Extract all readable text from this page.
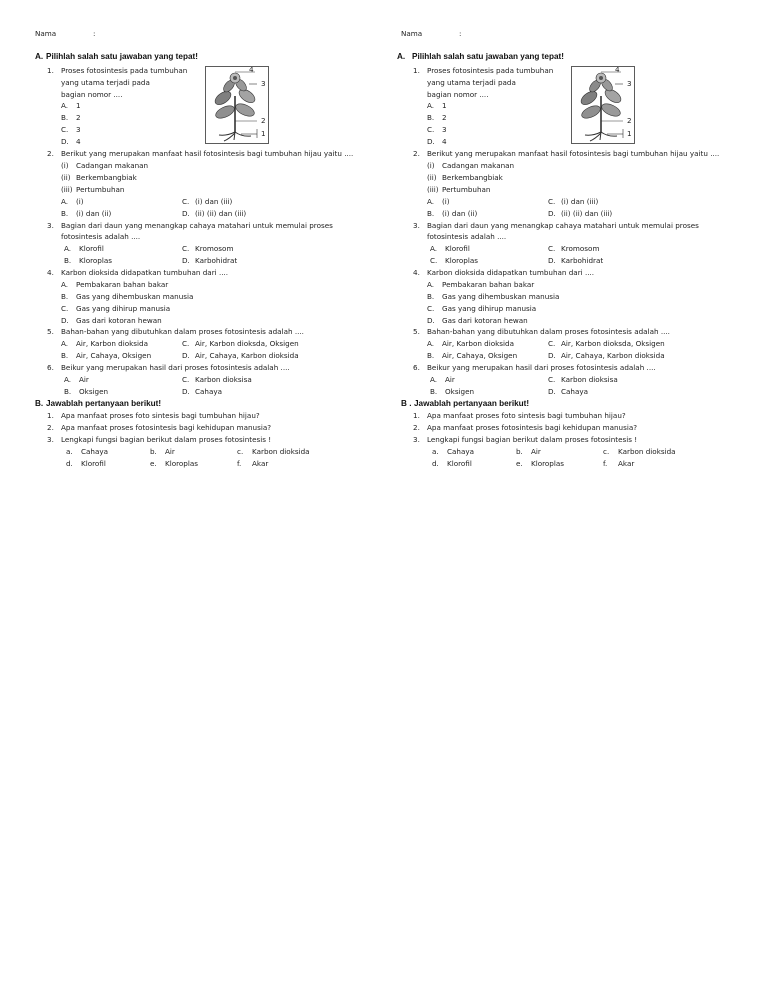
Nama	:
A. Pilihlah salah satu jawaban yang tepat!
1. Proses fotosintesis pada tumbuhan
yang utama terjadi pada
bagian nomor ....
A. 1
B. 2
C. 3
D. 4
4
3
2
1
2. Berikut yang merupakan manfaat hasil fotosintesis bagi tumbuhan hijau yaitu ....
(i) Cadangan makanan
(ii) Berkembangbiak
(iii) Pertumbuhan
A. (i)	C. (i) dan (iii)
B. (i) dan (ii)	D. (ii) (ii) dan (iii)
3. Bagian dari daun yang menangkap cahaya matahari untuk memulai proses
fotosintesis adalah ....
A. Klorofil	C. Kromosom
B. Kloroplas	D. Karbohidrat
4. Karbon dioksida didapatkan tumbuhan dari ....
A. Pembakaran bahan bakar
B. Gas yang dihembuskan manusia
C. Gas yang dihirup manusia
D. Gas dari kotoran hewan
5. Bahan-bahan yang dibutuhkan dalam proses fotosintesis adalah ....
A. Air, Karbon dioksida	C. Air, Karbon dioksda, Oksigen
B. Air, Cahaya, Oksigen	D. Air, Cahaya, Karbon dioksida
6. Beikur yang merupakan hasil dari proses fotosintesis adalah ....
A. Air	C. Karbon dioksisa
B. Oksigen	D. Cahaya
B. Jawablah pertanyaan berikut!
1. Apa manfaat proses foto sintesis bagi tumbuhan hijau?
2. Apa manfaat proses fotosintesis bagi kehidupan manusia?
3. Lengkapi fungsi bagian berikut dalam proses fotosintesis !
a. Cahaya	b. Air	c. Karbon dioksida
d. Klorofil	e. Kloroplas	f. Akar
Nama	:
A. Pilihlah salah satu jawaban yang tepat!
1. Proses fotosintesis pada tumbuhan
yang utama terjadi pada
bagian nomor ....
A. 1
B. 2
C. 3
D. 4
4
3
2
1
2. Berikut yang merupakan manfaat hasil fotosintesis bagi tumbuhan hijau yaitu ....
(i) Cadangan makanan
(ii) Berkembangbiak
(iii) Pertumbuhan
A. (i)	C. (i) dan (iii)
B. (i) dan (ii)	D. (ii) (ii) dan (iii)
3. Bagian dari daun yang menangkap cahaya matahari untuk memulai proses
fotosintesis adalah ....
A. Klorofil	C. Kromosom
C. Kloroplas	D. Karbohidrat
4. Karbon dioksida didapatkan tumbuhan dari ....
A. Pembakaran bahan bakar
B. Gas yang dihembuskan manusia
C. Gas yang dihirup manusia
D. Gas dari kotoran hewan
5. Bahan-bahan yang dibutuhkan dalam proses fotosintesis adalah ....
A. Air, Karbon dioksida	C. Air, Karbon dioksda, Oksigen
B. Air, Cahaya, Oksigen	D. Air, Cahaya, Karbon dioksida
6. Beikur yang merupakan hasil dari proses fotosintesis adalah ....
A. Air	C. Karbon dioksisa
B. Oksigen	D. Cahaya
B . Jawablah pertanyaan berikut!
1. Apa manfaat proses foto sintesis bagi tumbuhan hijau?
2. Apa manfaat proses fotosintesis bagi kehidupan manusia?
3. Lengkapi fungsi bagian berikut dalam proses fotosintesis !
a. Cahaya	b. Air	c. Karbon dioksida
d. Klorofil	e. Kloroplas	f. Akar
